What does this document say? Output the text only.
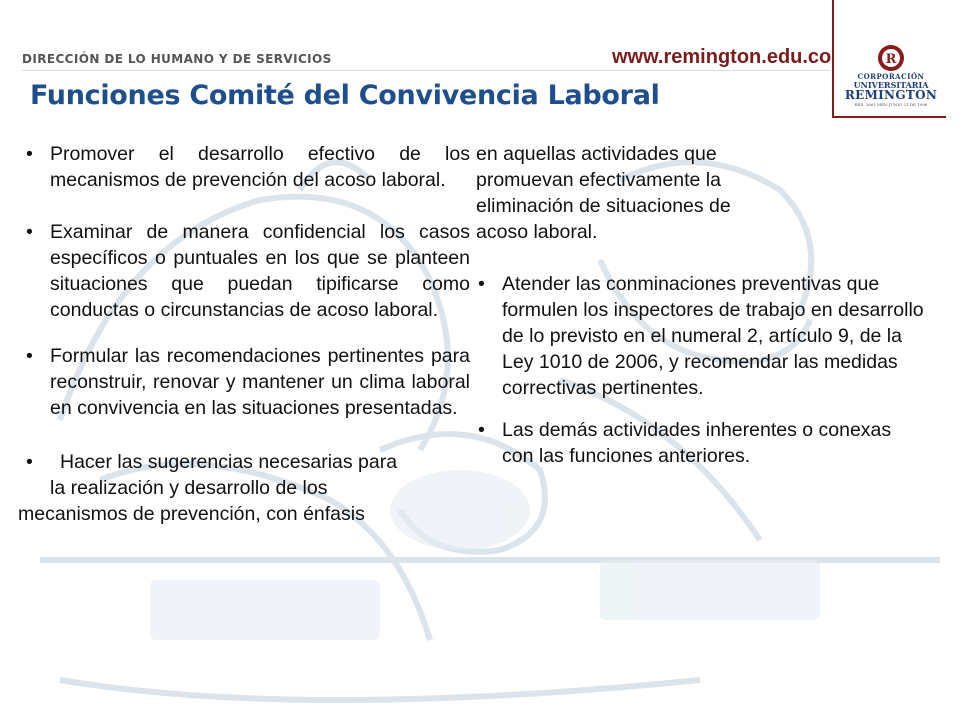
DIRECCIÓN DE LO HUMANO Y DE SERVICIOS	www.remington.edu.co
Funciones Comité del Convivencia Laboral
R
CORPORACIÓN
UNIVERSITARIA
REMINGTON
RES. 2661 MEN JUNIO 21 DE 1996
• Promover el desarrollo efectivo de los mecanismos de prevención del acoso laboral.
• Examinar de manera confidencial los casos específicos o puntuales en los que se planteen situaciones que puedan tipificarse como conductas o circunstancias de acoso laboral.
• Formular las recomendaciones pertinentes para reconstruir, renovar y mantener un clima laboral en convivencia en las situaciones presentadas.
• Hacer las sugerencias necesarias para
la realización y desarrollo de los
mecanismos de prevención, con énfasis
en aquellas actividades que promuevan efectivamente la eliminación de situaciones de acoso laboral.
• Atender las conminaciones preventivas que formulen los inspectores de trabajo en desarrollo de lo previsto en el numeral 2, artículo 9, de la Ley 1010 de 2006, y recomendar las medidas correctivas pertinentes.
• Las demás actividades inherentes o conexas con las funciones anteriores.
